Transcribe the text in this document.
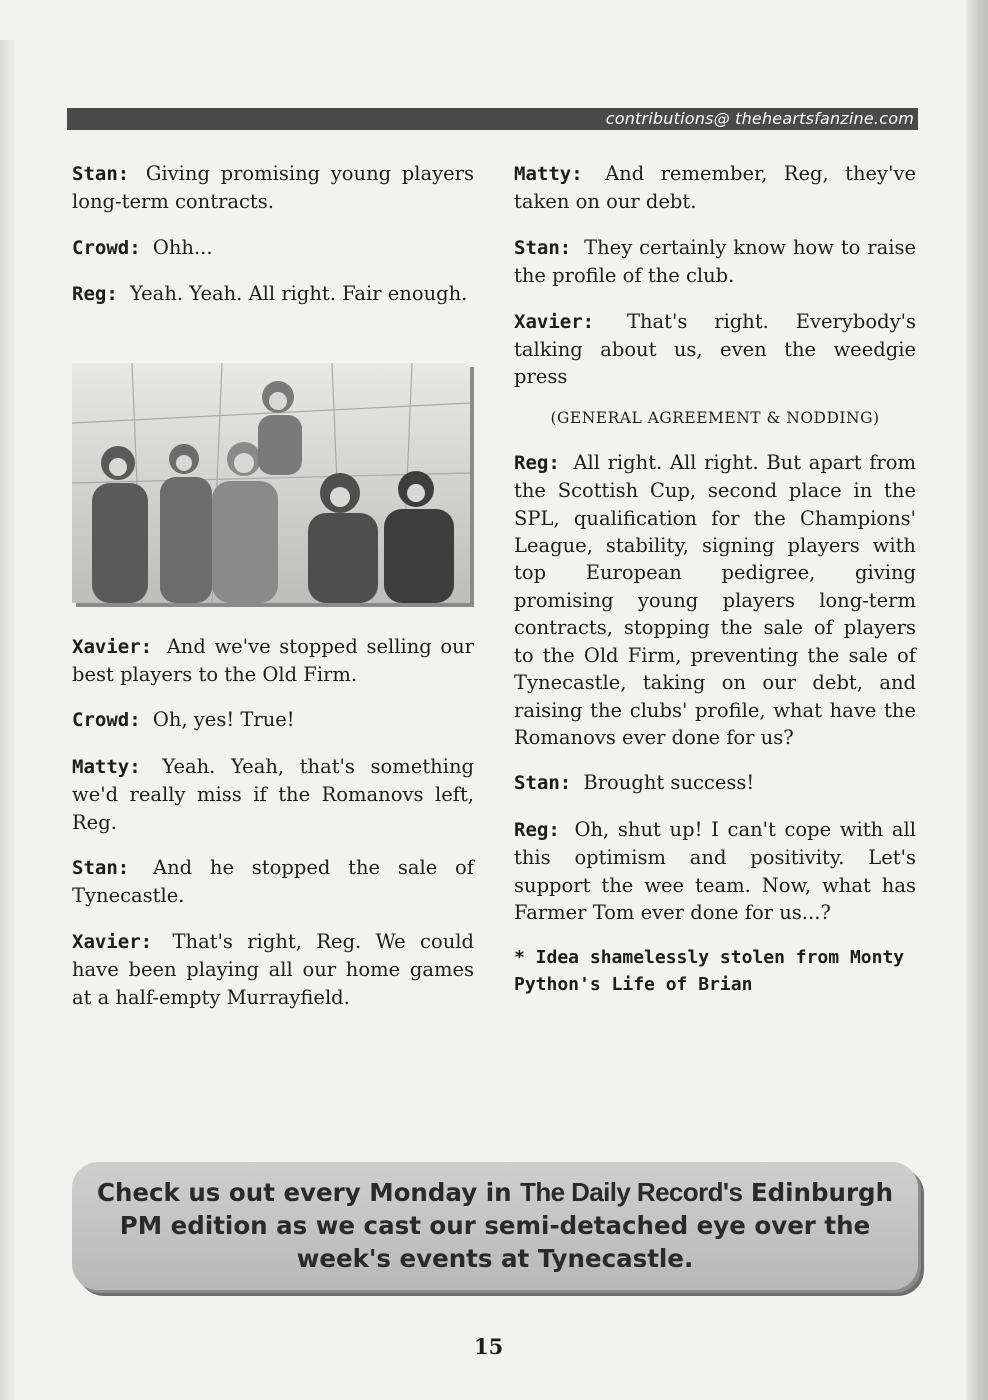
contributions@ theheartsfanzine.com

Stan: Giving promising young players long-term contracts.

Crowd: Ohh...

Reg: Yeah. Yeah. All right. Fair enough.

Xavier: And we've stopped selling our best players to the Old Firm.

Crowd: Oh, yes! True!

Matty: Yeah. Yeah, that's something we'd really miss if the Romanovs left, Reg.

Stan: And he stopped the sale of Tynecastle.

Xavier: That's right, Reg. We could have been playing all our home games at a half-empty Murrayfield.

Matty: And remember, Reg, they've taken on our debt.

Stan: They certainly know how to raise the profile of the club.

Xavier: That's right. Everybody's talking about us, even the weedgie press

(GENERAL AGREEMENT & NODDING)

Reg: All right. All right. But apart from the Scottish Cup, second place in the SPL, qualification for the Champions' League, stability, signing players with top European pedigree, giving promising young players long-term contracts, stopping the sale of players to the Old Firm, preventing the sale of Tynecastle, taking on our debt, and raising the clubs' profile, what have the Romanovs ever done for us?

Stan: Brought success!

Reg: Oh, shut up! I can't cope with all this optimism and positivity. Let's support the wee team. Now, what has Farmer Tom ever done for us...?

* Idea shamelessly stolen from Monty Python's Life of Brian
Check us out every Monday in The Daily Record's Edinburgh PM edition as we cast our semi-detached eye over the week's events at Tynecastle.
15
